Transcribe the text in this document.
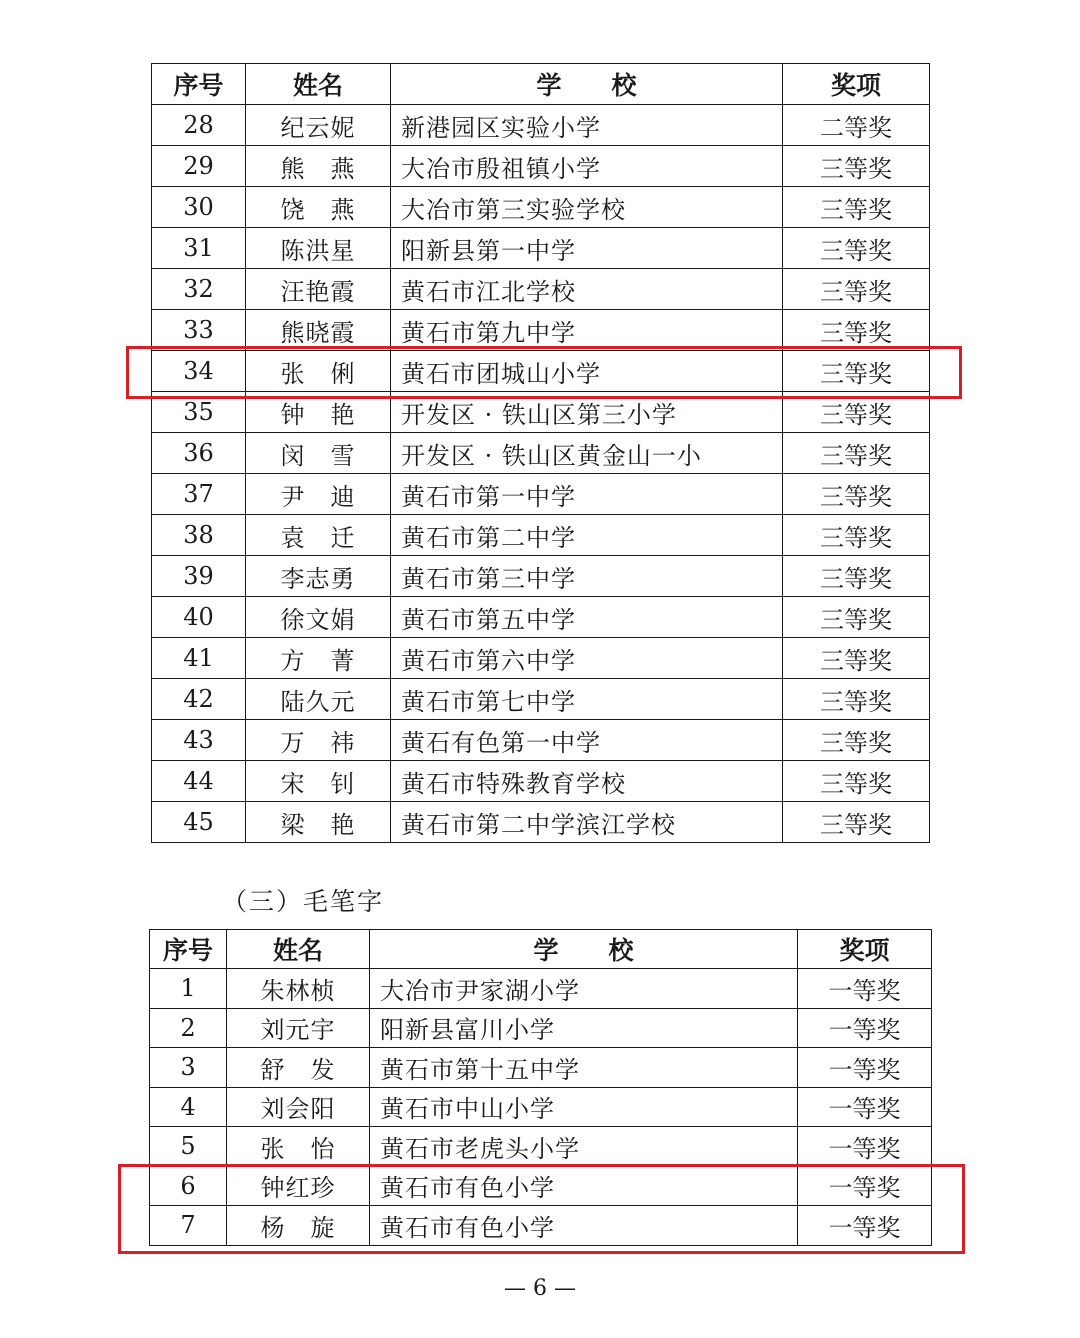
序号	姓名	学　　校	奖项
28	纪云妮	新港园区实验小学	二等奖
29	熊　燕	大冶市殷祖镇小学	三等奖
30	饶　燕	大冶市第三实验学校	三等奖
31	陈洪星	阳新县第一中学	三等奖
32	汪艳霞	黄石市江北学校	三等奖
33	熊晓霞	黄石市第九中学	三等奖
34	张　俐	黄石市团城山小学	三等奖
35	钟　艳	开发区 · 铁山区第三小学	三等奖
36	闵　雪	开发区 · 铁山区黄金山一小	三等奖
37	尹　迪	黄石市第一中学	三等奖
38	袁　迁	黄石市第二中学	三等奖
39	李志勇	黄石市第三中学	三等奖
40	徐文娟	黄石市第五中学	三等奖
41	方　菁	黄石市第六中学	三等奖
42	陆久元	黄石市第七中学	三等奖
43	万　祎	黄石有色第一中学	三等奖
44	宋　钊	黄石市特殊教育学校	三等奖
45	梁　艳	黄石市第二中学滨江学校	三等奖
（三）毛笔字
序号	姓名	学　　校	奖项
1	朱林桢	大冶市尹家湖小学	一等奖
2	刘元宇	阳新县富川小学	一等奖
3	舒　发	黄石市第十五中学	一等奖
4	刘会阳	黄石市中山小学	一等奖
5	张　怡	黄石市老虎头小学	一等奖
6	钟红珍	黄石市有色小学	一等奖
7	杨　旋	黄石市有色小学	一等奖
— 6 —
